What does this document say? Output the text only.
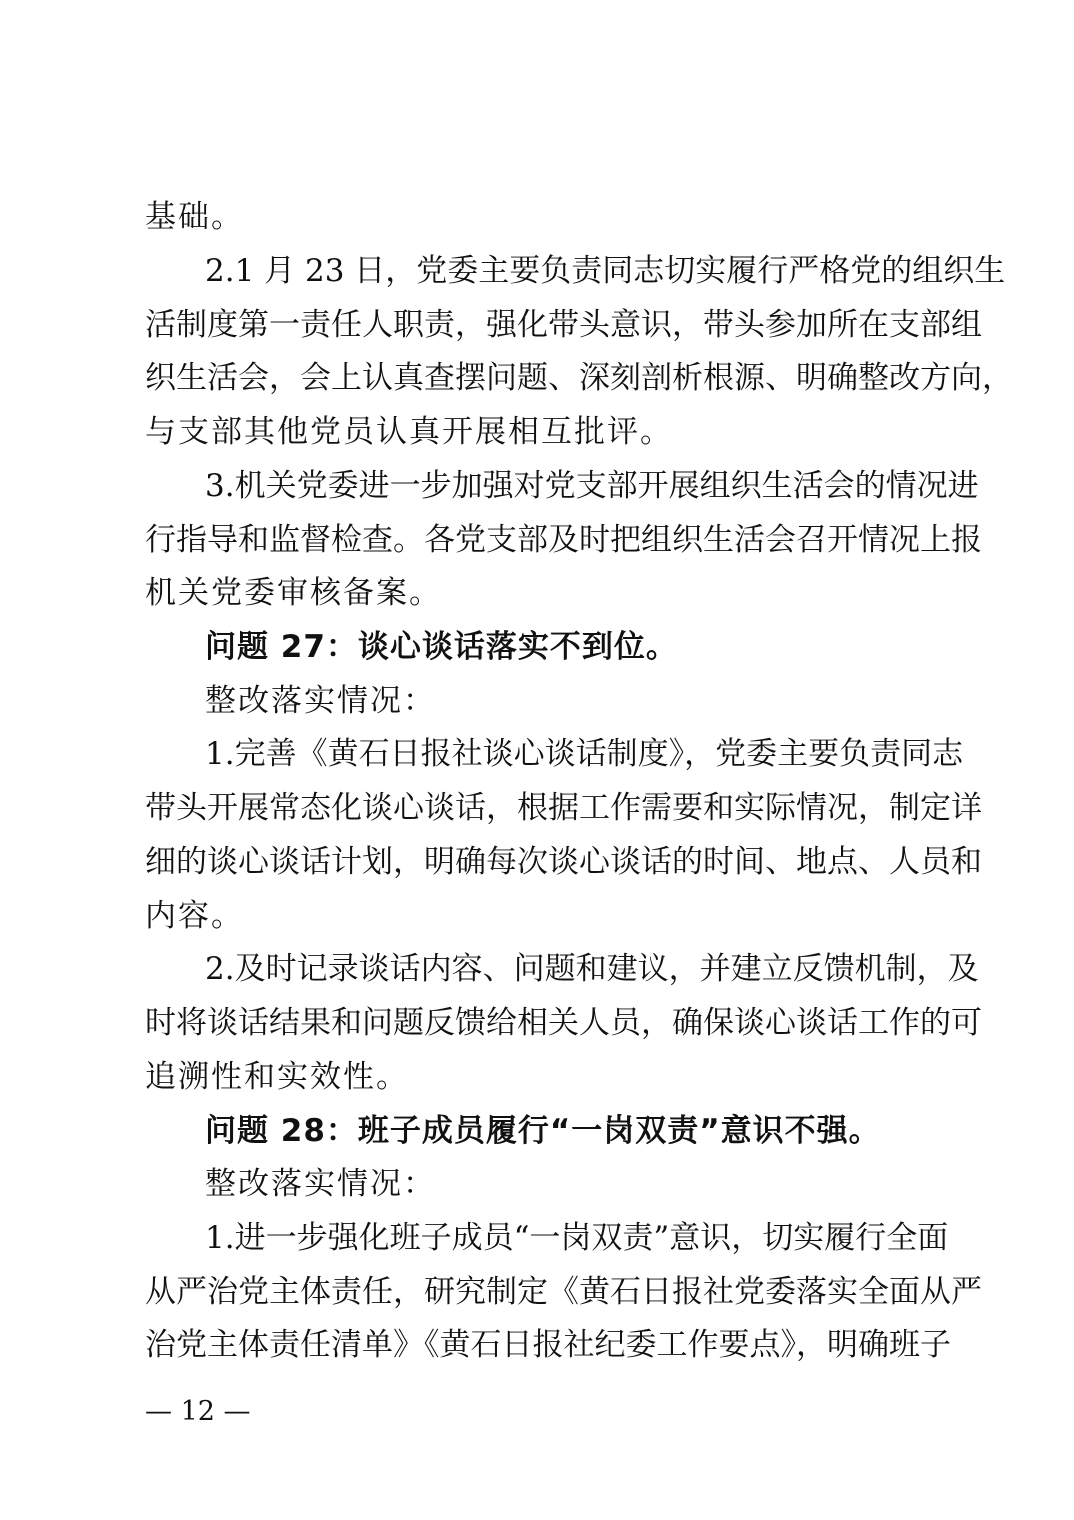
基础。
2.1 月 23 日，党委主要负责同志切实履行严格党的组织生
活制度第一责任人职责，强化带头意识，带头参加所在支部组
织生活会，会上认真查摆问题、深刻剖析根源、明确整改方向，
与支部其他党员认真开展相互批评。
3.机关党委进一步加强对党支部开展组织生活会的情况进
行指导和监督检查。各党支部及时把组织生活会召开情况上报
机关党委审核备案。
问题 27：谈心谈话落实不到位。
整改落实情况：
1.完善《黄石日报社谈心谈话制度》，党委主要负责同志
带头开展常态化谈心谈话，根据工作需要和实际情况，制定详
细的谈心谈话计划，明确每次谈心谈话的时间、地点、人员和
内容。
2.及时记录谈话内容、问题和建议，并建立反馈机制，及
时将谈话结果和问题反馈给相关人员，确保谈心谈话工作的可
追溯性和实效性。
问题 28：班子成员履行“一岗双责”意识不强。
整改落实情况：
1.进一步强化班子成员“一岗双责”意识，切实履行全面
从严治党主体责任，研究制定《黄石日报社党委落实全面从严
治党主体责任清单》《黄石日报社纪委工作要点》，明确班子
— 12 —
